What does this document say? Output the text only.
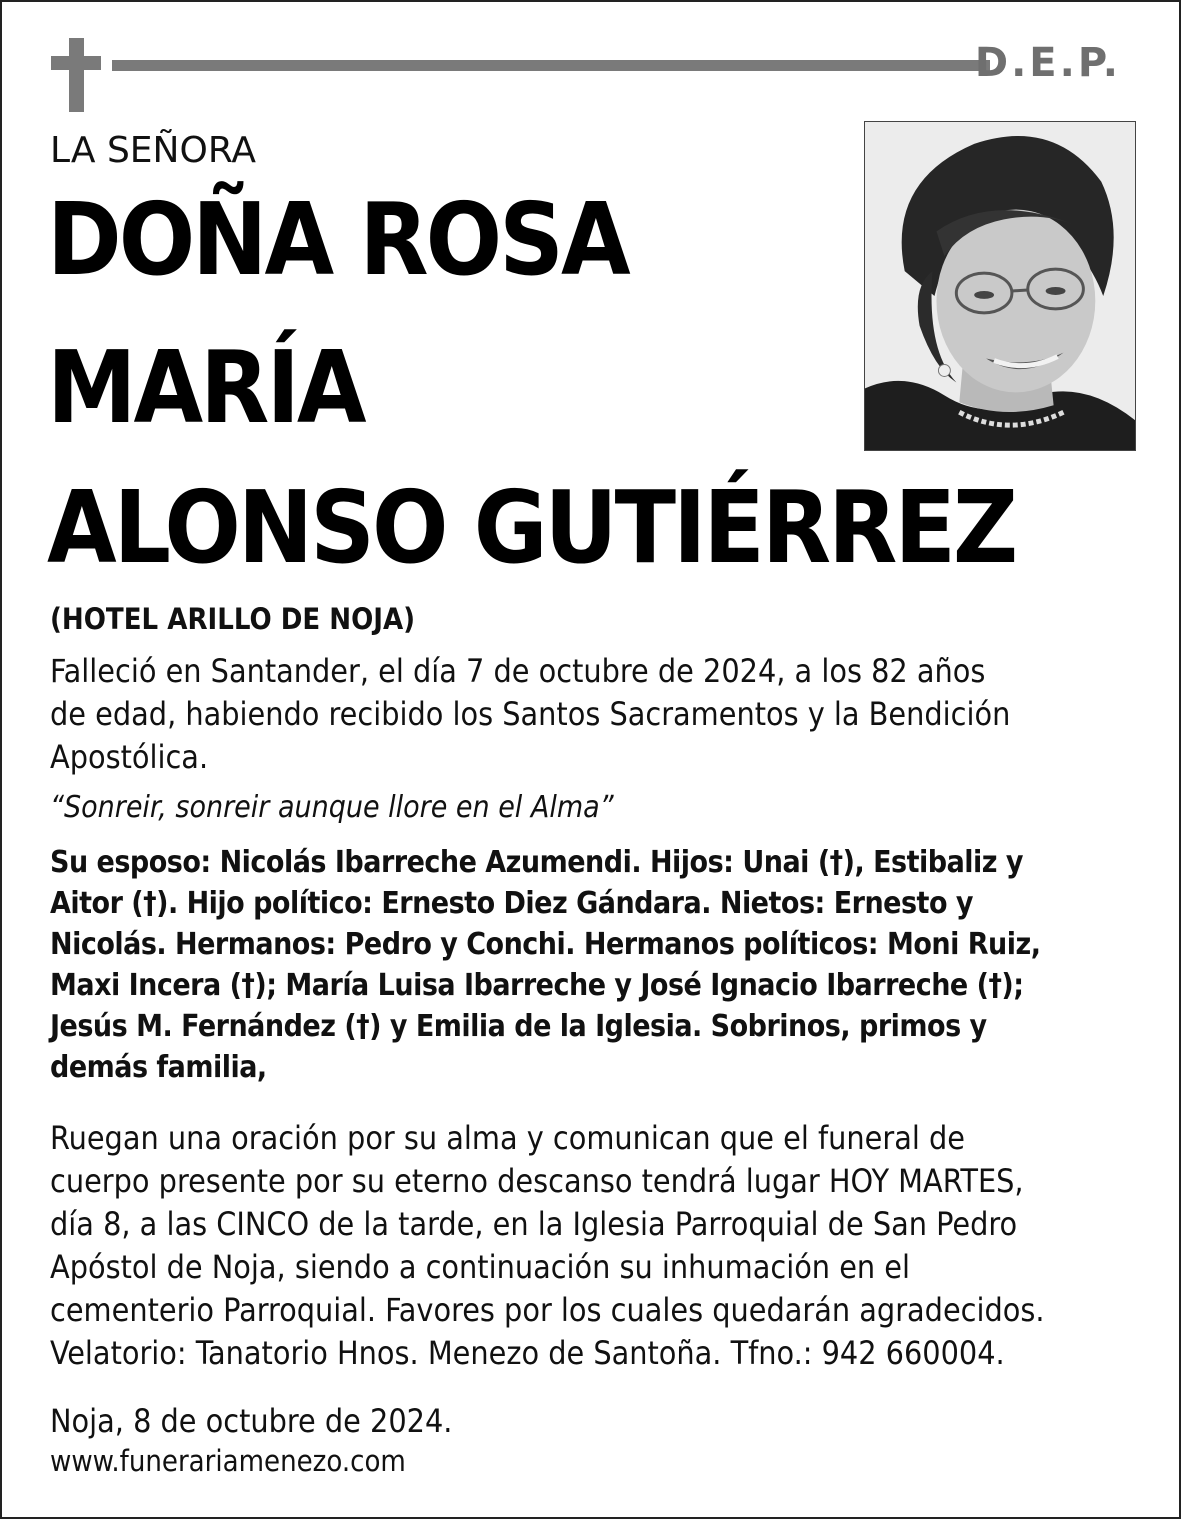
D.E.P.
LA SEÑORA
DOÑA ROSA
MARÍA
ALONSO GUTIÉRREZ
(HOTEL ARILLO DE NOJA)
Falleció en Santander, el día 7 de octubre de 2024, a los 82 años
de edad, habiendo recibido los Santos Sacramentos y la Bendición
Apostólica.
“Sonreir, sonreir aunque llore en el Alma”
Su esposo: Nicolás Ibarreche Azumendi. Hijos: Unai (†), Estibaliz y
Aitor (†). Hijo político: Ernesto Diez Gándara. Nietos: Ernesto y
Nicolás. Hermanos: Pedro y Conchi. Hermanos políticos: Moni Ruiz,
Maxi Incera (†); María Luisa Ibarreche y José Ignacio Ibarreche (†);
Jesús M. Fernández (†) y Emilia de la Iglesia. Sobrinos, primos y
demás familia,
Ruegan una oración por su alma y comunican que el funeral de
cuerpo presente por su eterno descanso tendrá lugar HOY MARTES,
día 8, a las CINCO de la tarde, en la Iglesia Parroquial de San Pedro
Apóstol de Noja, siendo a continuación su inhumación en el
cementerio Parroquial. Favores por los cuales quedarán agradecidos.
Velatorio: Tanatorio Hnos. Menezo de Santoña. Tfno.: 942 660004.
Noja, 8 de octubre de 2024.
www.funerariamenezo.com
